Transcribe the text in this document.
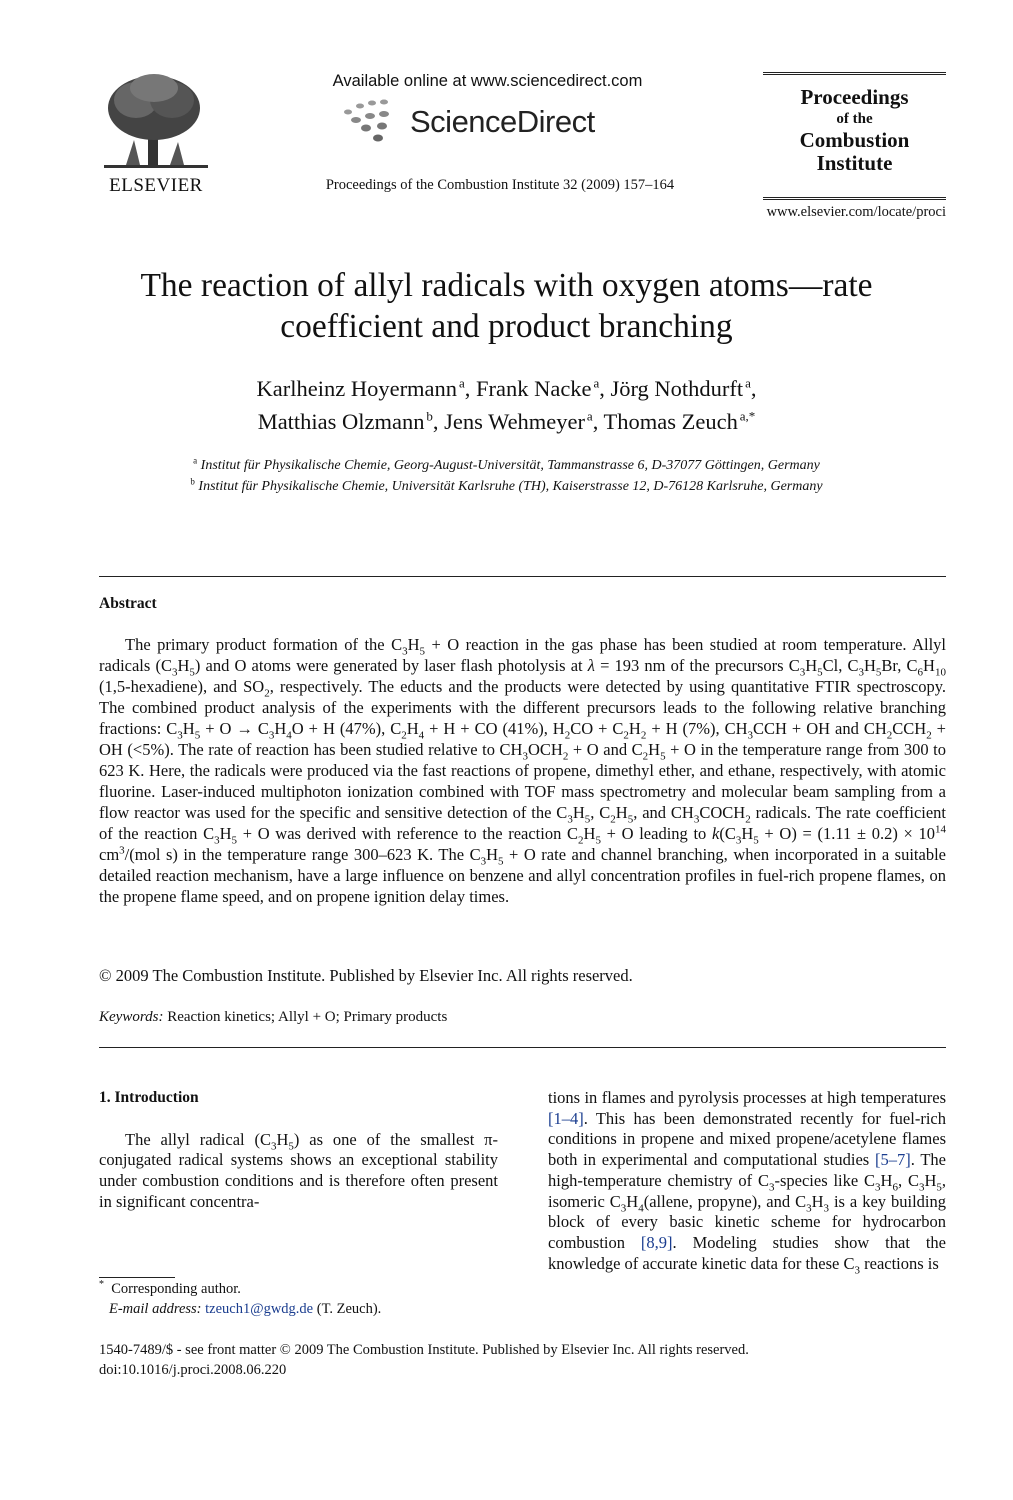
ELSEVIER
Available online at www.sciencedirect.com
ScienceDirect
Proceedings of the Combustion Institute 32 (2009) 157–164
Proceedings
of the
Combustion
Institute
www.elsevier.com/locate/proci
The reaction of allyl radicals with oxygen atoms—rate
coefficient and product branching
Karlheinz Hoyermann  $^a$, Frank Nacke  $^a$, Jörg Nothdurft  $^a$,
Matthias Olzmann  $^b$, Jens Wehmeyer  $^a$, Thomas Zeuch  $^{a,*}$
$^a$ Institut für Physikalische Chemie, Georg-August-Universität, Tammanstrasse 6, D-37077 Göttingen, Germany
$^b$ Institut für Physikalische Chemie, Universität Karlsruhe (TH), Kaiserstrasse 12, D-76128 Karlsruhe, Germany
Abstract
The primary product formation of the $C_3H_5 + O$ reaction in the gas phase has been studied at room temperature. Allyl radicals $(C_3H_5)$ and O atoms were generated by laser flash photolysis at λ = 193 nm of the precursors $C_3H_5Cl$, $C_3H_5Br$, $C_6H_{10}$ (1,5-hexadiene), and $SO_2$, respectively. The educts and the products were detected by using quantitative FTIR spectroscopy. The combined product analysis of the experiments with the different precursors leads to the following relative branching fractions: $C_3H_5 + O \to C_3H_4O + H$ (47%), $C_2H_4 + H$ + CO (41%), $H_2CO + C_2H_2 + H$ (7%), $CH_3CCH$ + OH and $CH_2CCH_2$ + OH (<5%). The rate of reaction has been studied relative to $CH_3OCH_2 + O$ and $C_2H_5 + O$ in the temperature range from 300 to 623 K. Here, the radicals were produced via the fast reactions of propene, dimethyl ether, and ethane, respectively, with atomic fluorine. Laser-induced multiphoton ionization combined with TOF mass spectrometry and molecular beam sampling from a flow reactor was used for the specific and sensitive detection of the $C_3H_5$, $C_2H_5$, and $CH_3COCH_2$ radicals. The rate coefficient of the reaction $C_3H_5 + O$ was derived with reference to the reaction $C_2H_5 + O$ leading to $k(C_3H_5 + O) = (1.11 \pm 0.2) \times 10^{14}$ $cm^3/(mol$ s) in the temperature range 300–623 K. The $C_3H_5 + O$ rate and channel branching, when incorporated in a suitable detailed reaction mechanism, have a large influence on benzene and allyl concentration profiles in fuel-rich propene flames, on the propene flame speed, and on propene ignition delay times.
© 2009 The Combustion Institute. Published by Elsevier Inc. All rights reserved.
Keywords: Reaction kinetics; Allyl + O; Primary products
1. Introduction
The allyl radical $(C_3H_5)$ as one of the smallest π-conjugated radical systems shows an exceptional stability under combustion conditions and is therefore often present in significant concentra-
tions in flames and pyrolysis processes at high temperatures [1–4]. This has been demonstrated recently for fuel-rich conditions in propene and mixed propene/acetylene flames both in experimental and computational studies [5–7]. The high-temperature chemistry of $C_3$-species like $C_3H_6$, $C_3H_5$, isomeric $C_3H_4(allene$, propyne), and $C_3H_3$ is a key building block of every basic kinetic scheme for hydrocarbon combustion [8,9]. Modeling studies show that the knowledge of accurate kinetic data for these $C_3$ reactions is
* Corresponding author.
E-mail address: tzeuch1@gwdg.de (T. Zeuch).
1540-7489/$ - see front matter © 2009 The Combustion Institute. Published by Elsevier Inc. All rights reserved.
doi:10.1016/j.proci.2008.06.220
